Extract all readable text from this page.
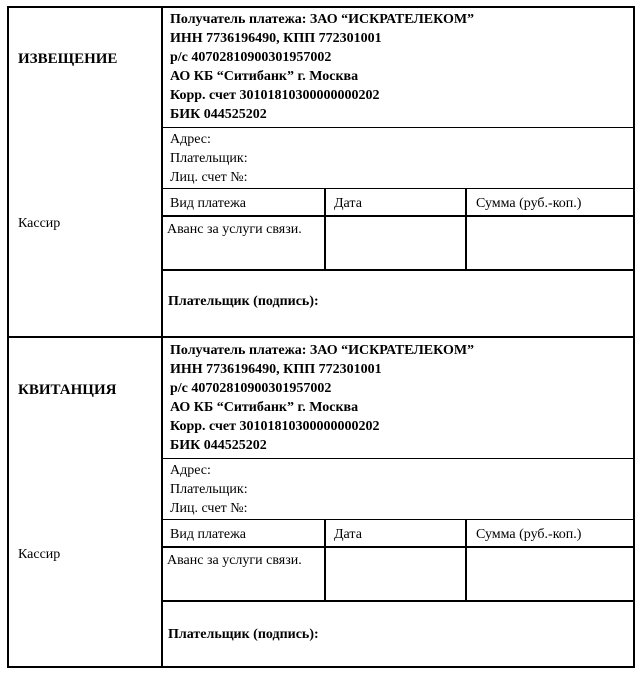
ИЗВЕЩЕНИЕ
Кассир
Получатель платежа: ЗАО “ИСКРАТЕЛЕКОМ”
ИНН 7736196490, КПП 772301001
р/с 40702810900301957002
АО КБ “Ситибанк” г. Москва
Корр. счет 30101810300000000202
БИК 044525202
Адрес:
Плательщик:
Лиц. счет №:
Вид платежа	Дата	Сумма (руб.-коп.)
Аванс за услуги связи.
Плательщик (подпись):
КВИТАНЦИЯ
Кассир
Получатель платежа: ЗАО “ИСКРАТЕЛЕКОМ”
ИНН 7736196490, КПП 772301001
р/с 40702810900301957002
АО КБ “Ситибанк” г. Москва
Корр. счет 30101810300000000202
БИК 044525202
Адрес:
Плательщик:
Лиц. счет №:
Вид платежа	Дата	Сумма (руб.-коп.)
Аванс за услуги связи.
Плательщик (подпись):
